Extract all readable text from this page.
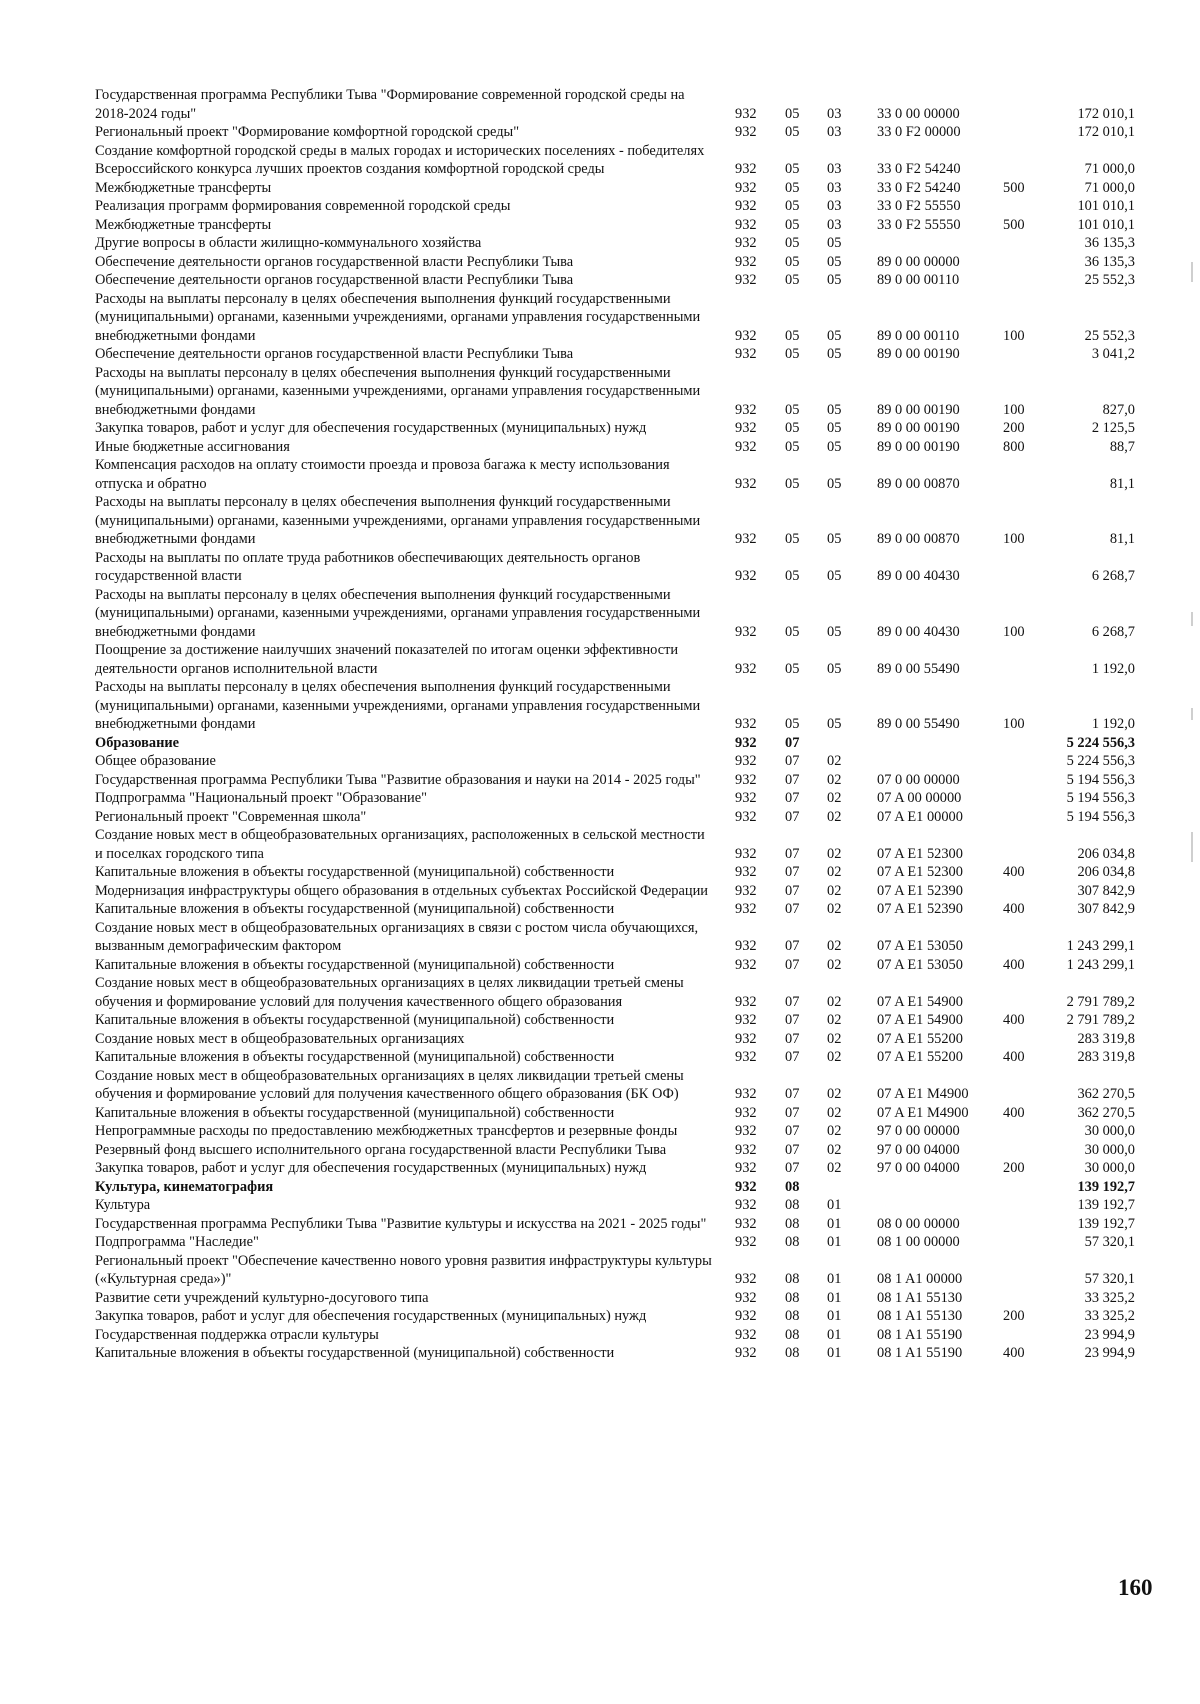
Государственная программа Республики Тыва "Формирование современной городской среды на 2018-2024 годы"	932 05 03 33 0 00 00000	172 010,1
Региональный проект "Формирование комфортной городской среды"	932 05 03 33 0 F2 00000	172 010,1
Создание комфортной городской среды в малых городах и исторических поселениях - победителях Всероссийского конкурса лучших проектов создания комфортной городской среды	932 05 03 33 0 F2 54240	71 000,0
Межбюджетные трансферты	932 05 03 33 0 F2 54240	500	71 000,0
Реализация программ формирования современной городской среды	932 05 03 33 0 F2 55550	101 010,1
Межбюджетные трансферты	932 05 03 33 0 F2 55550	500	101 010,1
Другие вопросы в области жилищно-коммунального хозяйства	932 05 05	36 135,3
Обеспечение деятельности органов государственной власти Республики Тыва	932 05 05 89 0 00 00000	36 135,3
Обеспечение деятельности органов государственной власти Республики Тыва	932 05 05 89 0 00 00110	25 552,3
Расходы на выплаты персоналу в целях обеспечения выполнения функций государственными (муниципальными) органами, казенными учреждениями, органами управления государственными внебюджетными фондами	932 05 05 89 0 00 00110	100	25 552,3
Обеспечение деятельности органов государственной власти Республики Тыва	932 05 05 89 0 00 00190	3 041,2
Расходы на выплаты персоналу в целях обеспечения выполнения функций государственными (муниципальными) органами, казенными учреждениями, органами управления государственными внебюджетными фондами	932 05 05 89 0 00 00190	100	827,0
Закупка товаров, работ и услуг для обеспечения государственных (муниципальных) нужд	932 05 05 89 0 00 00190	200	2 125,5
Иные бюджетные ассигнования	932 05 05 89 0 00 00190	800	88,7
Компенсация расходов на оплату стоимости проезда и провоза багажа к месту использования отпуска и обратно	932 05 05 89 0 00 00870	81,1
Расходы на выплаты персоналу в целях обеспечения выполнения функций государственными (муниципальными) органами, казенными учреждениями, органами управления государственными внебюджетными фондами	932 05 05 89 0 00 00870	100	81,1
Расходы на выплаты по оплате труда работников обеспечивающих деятельность органов государственной власти	932 05 05 89 0 00 40430	6 268,7
Расходы на выплаты персоналу в целях обеспечения выполнения функций государственными (муниципальными) органами, казенными учреждениями, органами управления государственными внебюджетными фондами	932 05 05 89 0 00 40430	100	6 268,7
Поощрение за достижение наилучших значений показателей по итогам оценки эффективности деятельности органов исполнительной власти	932 05 05 89 0 00 55490	1 192,0
Расходы на выплаты персоналу в целях обеспечения выполнения функций государственными (муниципальными) органами, казенными учреждениями, органами управления государственными внебюджетными фондами	932 05 05 89 0 00 55490	100	1 192,0
Образование	932 07	5 224 556,3
Общее образование	932 07 02	5 224 556,3
Государственная программа Республики Тыва "Развитие образования и науки на 2014 - 2025 годы"	932 07 02 07 0 00 00000	5 194 556,3
Подпрограмма "Национальный проект "Образование"	932 07 02 07 A 00 00000	5 194 556,3
Региональный проект "Современная школа"	932 07 02 07 A E1 00000	5 194 556,3
Создание новых мест в общеобразовательных организациях, расположенных в сельской местности и поселках городского типа	932 07 02 07 A E1 52300	206 034,8
Капитальные вложения в объекты государственной (муниципальной) собственности	932 07 02 07 A E1 52300	400	206 034,8
Модернизация инфраструктуры общего образования в отдельных субъектах Российской Федерации	932 07 02 07 A E1 52390	307 842,9
Капитальные вложения в объекты государственной (муниципальной) собственности	932 07 02 07 A E1 52390	400	307 842,9
Создание новых мест в общеобразовательных организациях в связи с ростом числа обучающихся, вызванным демографическим фактором	932 07 02 07 A E1 53050	1 243 299,1
Капитальные вложения в объекты государственной (муниципальной) собственности	932 07 02 07 A E1 53050	400	1 243 299,1
Создание новых мест в общеобразовательных организациях в целях ликвидации третьей смены обучения и формирование условий для получения качественного общего образования	932 07 02 07 A E1 54900	2 791 789,2
Капитальные вложения в объекты государственной (муниципальной) собственности	932 07 02 07 A E1 54900	400	2 791 789,2
Создание новых мест в общеобразовательных организациях	932 07 02 07 A E1 55200	283 319,8
Капитальные вложения в объекты государственной (муниципальной) собственности	932 07 02 07 A E1 55200	400	283 319,8
Создание новых мест в общеобразовательных организациях в целях ликвидации третьей смены обучения и формирование условий для получения качественного общего образования (БК ОФ)	932 07 02 07 A E1 M4900	362 270,5
Капитальные вложения в объекты государственной (муниципальной) собственности	932 07 02 07 A E1 M4900 400	362 270,5
Непрограммные расходы по предоставлению межбюджетных трансфертов и резервные фонды	932 07 02 97 0 00 00000	30 000,0
Резервный фонд высшего исполнительного органа государственной власти Республики Тыва	932 07 02 97 0 00 04000	30 000,0
Закупка товаров, работ и услуг для обеспечения государственных (муниципальных) нужд	932 07 02 97 0 00 04000	200	30 000,0
Культура, кинематография	932 08	139 192,7
Культура	932 08 01	139 192,7
Государственная программа Республики Тыва "Развитие культуры и искусства на 2021 - 2025 годы"	932 08 01 08 0 00 00000	139 192,7
Подпрограмма "Наследие"	932 08 01 08 1 00 00000	57 320,1
Региональный проект "Обеспечение качественно нового уровня развития инфраструктуры культуры («Культурная среда»)"	932 08 01 08 1 A1 00000	57 320,1
Развитие сети учреждений культурно-досугового типа	932 08 01 08 1 A1 55130	33 325,2
Закупка товаров, работ и услуг для обеспечения государственных (муниципальных) нужд	932 08 01 08 1 A1 55130	200	33 325,2
Государственная поддержка отрасли культуры	932 08 01 08 1 A1 55190	23 994,9
Капитальные вложения в объекты государственной (муниципальной) собственности	932 08 01 08 1 A1 55190	400	23 994,9
160
